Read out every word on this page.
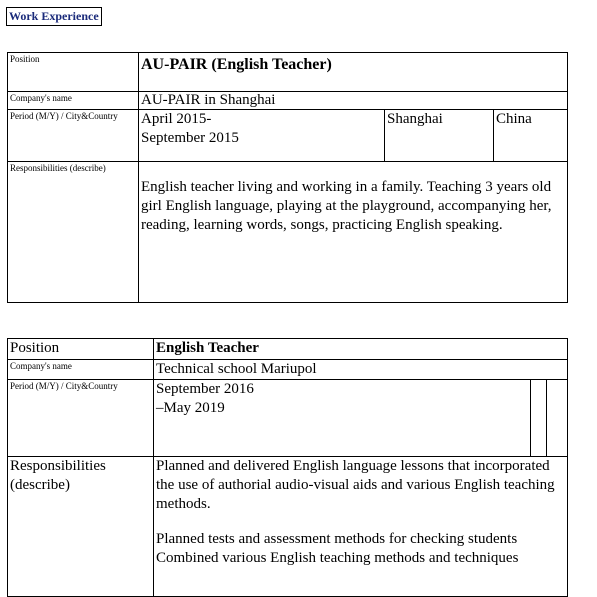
Work Experience
Position	AU-PAIR (English Teacher)		
Company's name	AU-PAIR in Shanghai		
Period (M/Y) / City&Country	April 2015-
September 2015	Shanghai	China
Responsibilities (describe)	English teacher living and working in a family. Teaching 3 years old girl English language, playing at the playground, accompanying her, reading, learning words, songs, practicing English speaking.		
Position	English Teacher		
Company's name	Technical school Mariupol		
Period (M/Y) / City&Country	September 2016
–May 2019		

Responsibilities (describe)	Planned and delivered English language lessons that incorporated the use of authorial audio-visual aids and various English teaching methods.

Planned tests and assessment methods for checking students Combined various English teaching methods and techniques		
